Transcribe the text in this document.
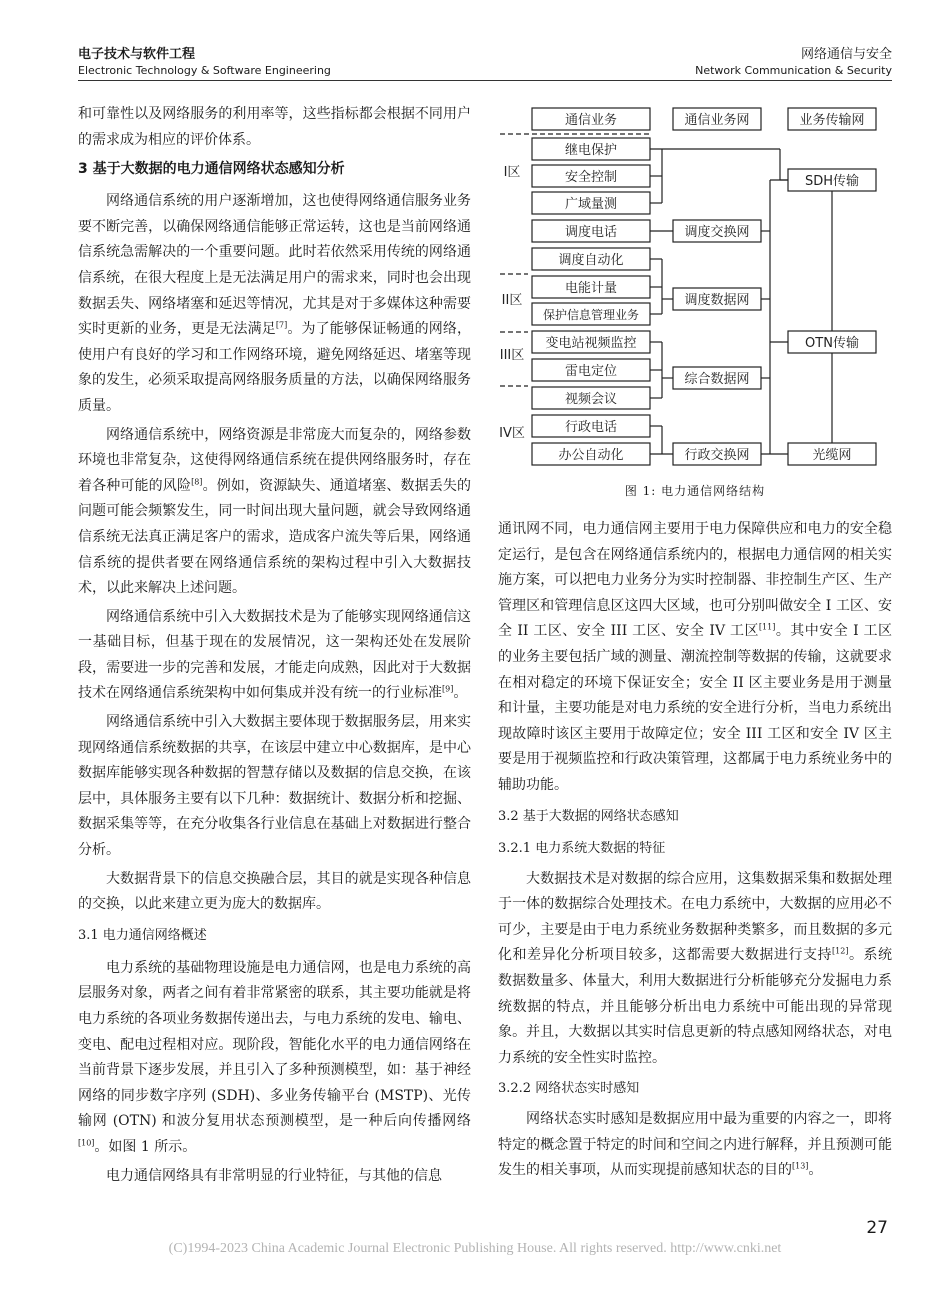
电子技术与软件工程
Electronic Technology & Software Engineering
网络通信与安全
Network Communication & Security

和可靠性以及网络服务的利用率等，这些指标都会根据不同用户的需求成为相应的评价体系。

3 基于大数据的电力通信网络状态感知分析

网络通信系统的用户逐渐增加，这也使得网络通信服务业务要不断完善，以确保网络通信能够正常运转，这也是当前网络通信系统急需解决的一个重要问题。此时若依然采用传统的网络通信系统，在很大程度上是无法满足用户的需求来，同时也会出现数据丢失、网络堵塞和延迟等情况，尤其是对于多媒体这种需要实时更新的业务，更是无法满足[7]。为了能够保证畅通的网络，使用户有良好的学习和工作网络环境，避免网络延迟、堵塞等现象的发生，必须采取提高网络服务质量的方法，以确保网络服务质量。

网络通信系统中，网络资源是非常庞大而复杂的，网络参数环境也非常复杂，这使得网络通信系统在提供网络服务时，存在着各种可能的风险[8]。例如，资源缺失、通道堵塞、数据丢失的问题可能会频繁发生，同一时间出现大量问题，就会导致网络通信系统无法真正满足客户的需求，造成客户流失等后果，网络通信系统的提供者要在网络通信系统的架构过程中引入大数据技术，以此来解决上述问题。

网络通信系统中引入大数据技术是为了能够实现网络通信这一基础目标，但基于现在的发展情况，这一架构还处在发展阶段，需要进一步的完善和发展，才能走向成熟，因此对于大数据技术在网络通信系统架构中如何集成并没有统一的行业标准[9]。

网络通信系统中引入大数据主要体现于数据服务层，用来实现网络通信系统数据的共享，在该层中建立中心数据库，是中心数据库能够实现各种数据的智慧存储以及数据的信息交换，在该层中，具体服务主要有以下几种：数据统计、数据分析和挖掘、数据采集等等，在充分收集各行业信息在基础上对数据进行整合分析。

大数据背景下的信息交换融合层，其目的就是实现各种信息的交换，以此来建立更为庞大的数据库。

3.1 电力通信网络概述

电力系统的基础物理设施是电力通信网，也是电力系统的高层服务对象，两者之间有着非常紧密的联系，其主要功能就是将电力系统的各项业务数据传递出去，与电力系统的发电、输电、变电、配电过程相对应。现阶段，智能化水平的电力通信网络在当前背景下逐步发展，并且引入了多种预测模型，如：基于神经网络的同步数字序列 (SDH)、多业务传输平台 (MSTP)、光传输网 (OTN) 和波分复用状态预测模型，是一种后向传播网络[10]。如图 1 所示。

电力通信网络具有非常明显的行业特征，与其他的信息

通信业务	通信业务网	业务传输网
I区
II区
III区
IV区
继电保护
安全控制
广域量测
调度电话
调度自动化
电能计量
保护信息管理业务
变电站视频监控
雷电定位
视频会议
行政电话
办公自动化
调度交换网
调度数据网
综合数据网
行政交换网
SDH传输
OTN传输
光缆网
图 1: 电力通信网络结构

通讯网不同，电力通信网主要用于电力保障供应和电力的安全稳定运行，是包含在网络通信系统内的，根据电力通信网的相关实施方案，可以把电力业务分为实时控制器、非控制生产区、生产管理区和管理信息区这四大区域，也可分别叫做安全 I 工区、安全 II 工区、安全 III 工区、安全 IV 工区[11]。其中安全 I 工区的业务主要包括广域的测量、潮流控制等数据的传输，这就要求在相对稳定的环境下保证安全；安全 II 区主要业务是用于测量和计量，主要功能是对电力系统的安全进行分析，当电力系统出现故障时该区主要用于故障定位；安全 III 工区和安全 IV 区主要是用于视频监控和行政决策管理，这都属于电力系统业务中的辅助功能。

3.2 基于大数据的网络状态感知
3.2.1 电力系统大数据的特征

大数据技术是对数据的综合应用，这集数据采集和数据处理于一体的数据综合处理技术。在电力系统中，大数据的应用必不可少，主要是由于电力系统业务数据种类繁多，而且数据的多元化和差异化分析项目较多，这都需要大数据进行支持[12]。系统数据数量多、体量大，利用大数据进行分析能够充分发掘电力系统数据的特点，并且能够分析出电力系统中可能出现的异常现象。并且，大数据以其实时信息更新的特点感知网络状态，对电力系统的安全性实时监控。

3.2.2 网络状态实时感知

网络状态实时感知是数据应用中最为重要的内容之一，即将特定的概念置于特定的时间和空间之内进行解释，并且预测可能发生的相关事项，从而实现提前感知状态的目的[13]。

27
(C)1994-2023 China Academic Journal Electronic Publishing House. All rights reserved. http://www.cnki.net
